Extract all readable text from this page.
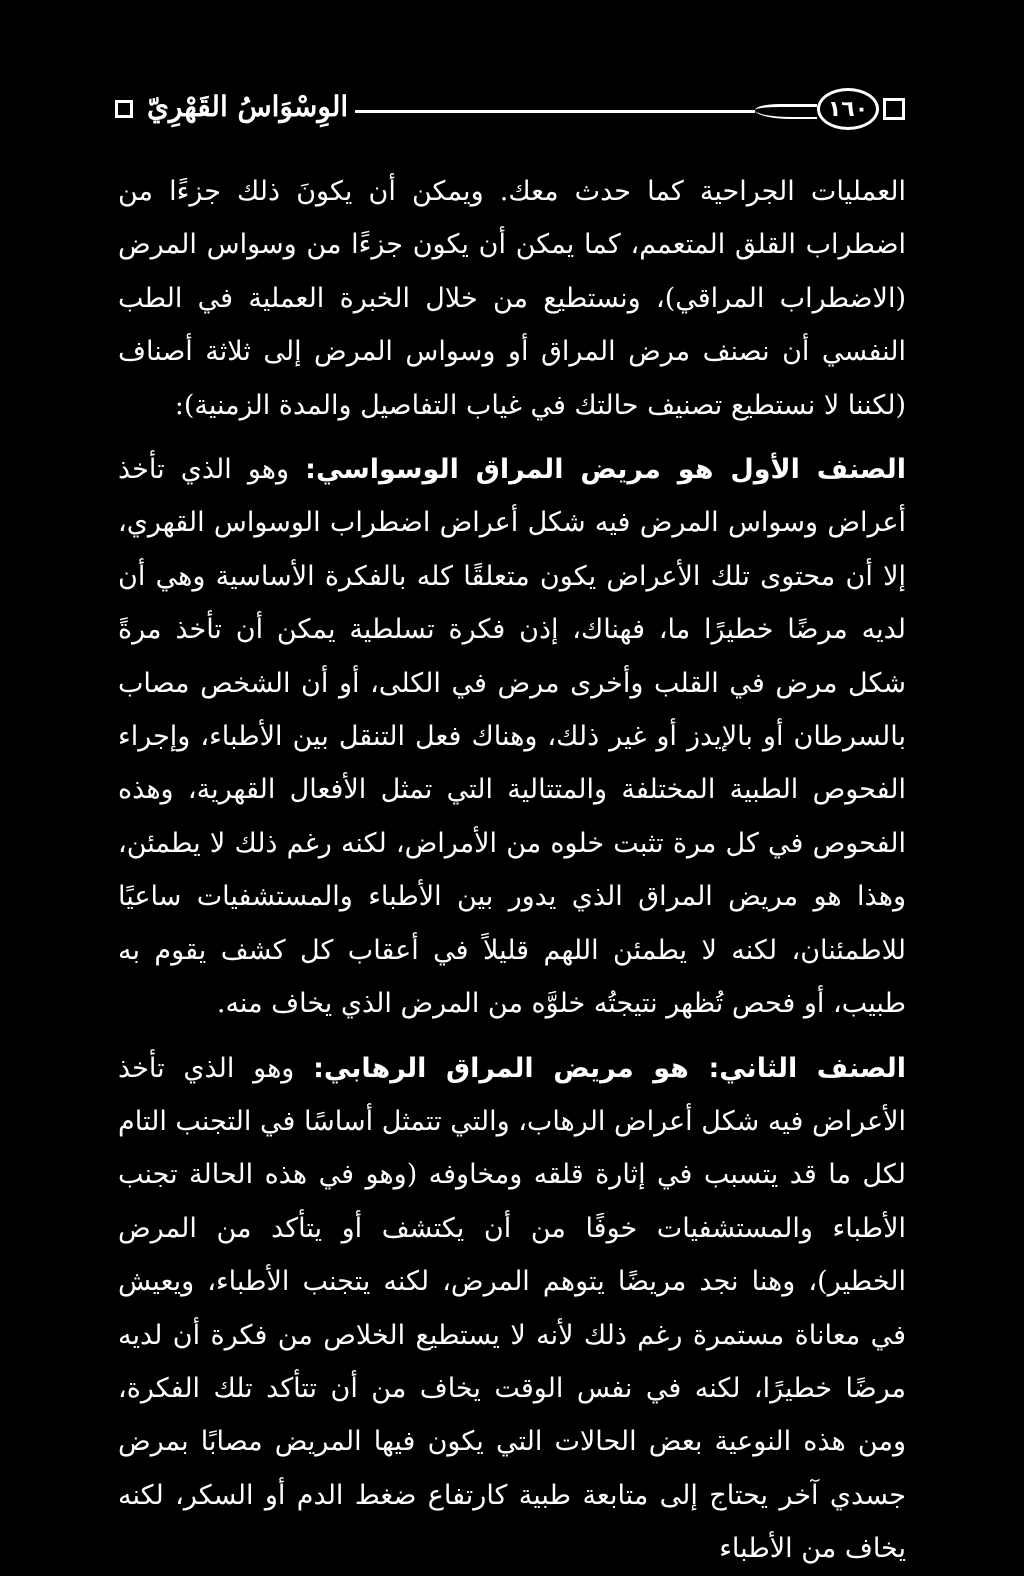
١٦٠
الوِسْوَاسُ القَهْرِيّ

العمليات الجراحية كما حدث معك. ويمكن أن يكونَ ذلك جزءًا من اضطراب القلق المتعمم، كما يمكن أن يكون جزءًا من وسواس المرض (الاضطراب المراقي)، ونستطيع من خلال الخبرة العملية في الطب النفسي أن نصنف مرض المراق أو وسواس المرض إلى ثلاثة أصناف (لكننا لا نستطيع تصنيف حالتك في غياب التفاصيل والمدة الزمنية):

الصنف الأول هو مريض المراق الوسواسي: وهو الذي تأخذ أعراض وسواس المرض فيه شكل أعراض اضطراب الوسواس القهري، إلا أن محتوى تلك الأعراض يكون متعلقًا كله بالفكرة الأساسية وهي أن لديه مرضًا خطيرًا ما، فهناك، إذن فكرة تسلطية يمكن أن تأخذ مرةً شكل مرض في القلب وأخرى مرض في الكلى، أو أن الشخص مصاب بالسرطان أو بالإيدز أو غير ذلك، وهناك فعل التنقل بين الأطباء، وإجراء الفحوص الطبية المختلفة والمتتالية التي تمثل الأفعال القهرية، وهذه الفحوص في كل مرة تثبت خلوه من الأمراض، لكنه رغم ذلك لا يطمئن، وهذا هو مريض المراق الذي يدور بين الأطباء والمستشفيات ساعيًا للاطمئنان، لكنه لا يطمئن اللهم قليلاً في أعقاب كل كشف يقوم به طبيب، أو فحص تُظهر نتيجتُه خلوَّه من المرض الذي يخاف منه.

الصنف الثاني: هو مريض المراق الرهابي: وهو الذي تأخذ الأعراض فيه شكل أعراض الرهاب، والتي تتمثل أساسًا في التجنب التام لكل ما قد يتسبب في إثارة قلقه ومخاوفه (وهو في هذه الحالة تجنب الأطباء والمستشفيات خوفًا من أن يكتشف أو يتأكد من المرض الخطير)، وهنا نجد مريضًا يتوهم المرض، لكنه يتجنب الأطباء، ويعيش في معاناة مستمرة رغم ذلك لأنه لا يستطيع الخلاص من فكرة أن لديه مرضًا خطيرًا، لكنه في نفس الوقت يخاف من أن تتأكد تلك الفكرة، ومن هذه النوعية بعض الحالات التي يكون فيها المريض مصابًا بمرض جسدي آخر يحتاج إلى متابعة طبية كارتفاع ضغط الدم أو السكر، لكنه يخاف من الأطباء
